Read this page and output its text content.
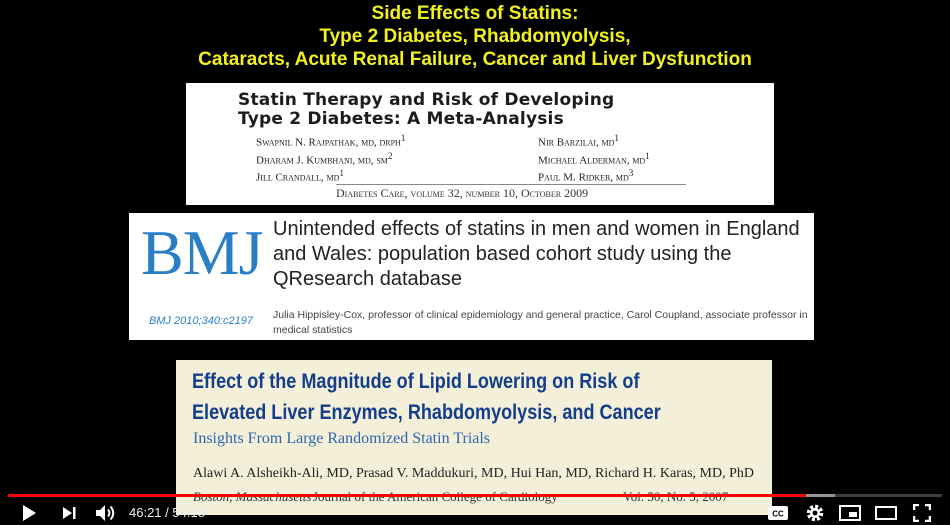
Side Effects of Statins:
Type 2 Diabetes, Rhabdomyolysis,
Cataracts, Acute Renal Failure, Cancer and Liver Dysfunction
Statin Therapy and Risk of Developing
Type 2 Diabetes: A Meta-Analysis
Swapnil N. Rajpathak, md, drph$^1$
Dharam J. Kumbhani, md, $sm^2$
Jill Crandall, $md^1$
Nir Barzilai, $md^1$
Michael Alderman, $md^1$
Paul M. Ridker, $md^3$
Diabetes Care, volume 32, number 10, October 2009
BMJ Unintended effects of statins in men and women in England and Wales: population based cohort study using the QResearch database
BMJ 2010;340:c2197 Julia Hippisley-Cox, professor of clinical epidemiology and general practice, Carol Coupland, associate professor in medical statistics
Effect of the Magnitude of Lipid Lowering on Risk of
Elevated Liver Enzymes, Rhabdomyolysis, and Cancer
Insights From Large Randomized Statin Trials
Alawi A. Alsheikh-Ali, MD, Prasad V. Maddukuri, MD, Hui Han, MD, Richard H. Karas, MD, PhD
CC
46:21 / 54:18
